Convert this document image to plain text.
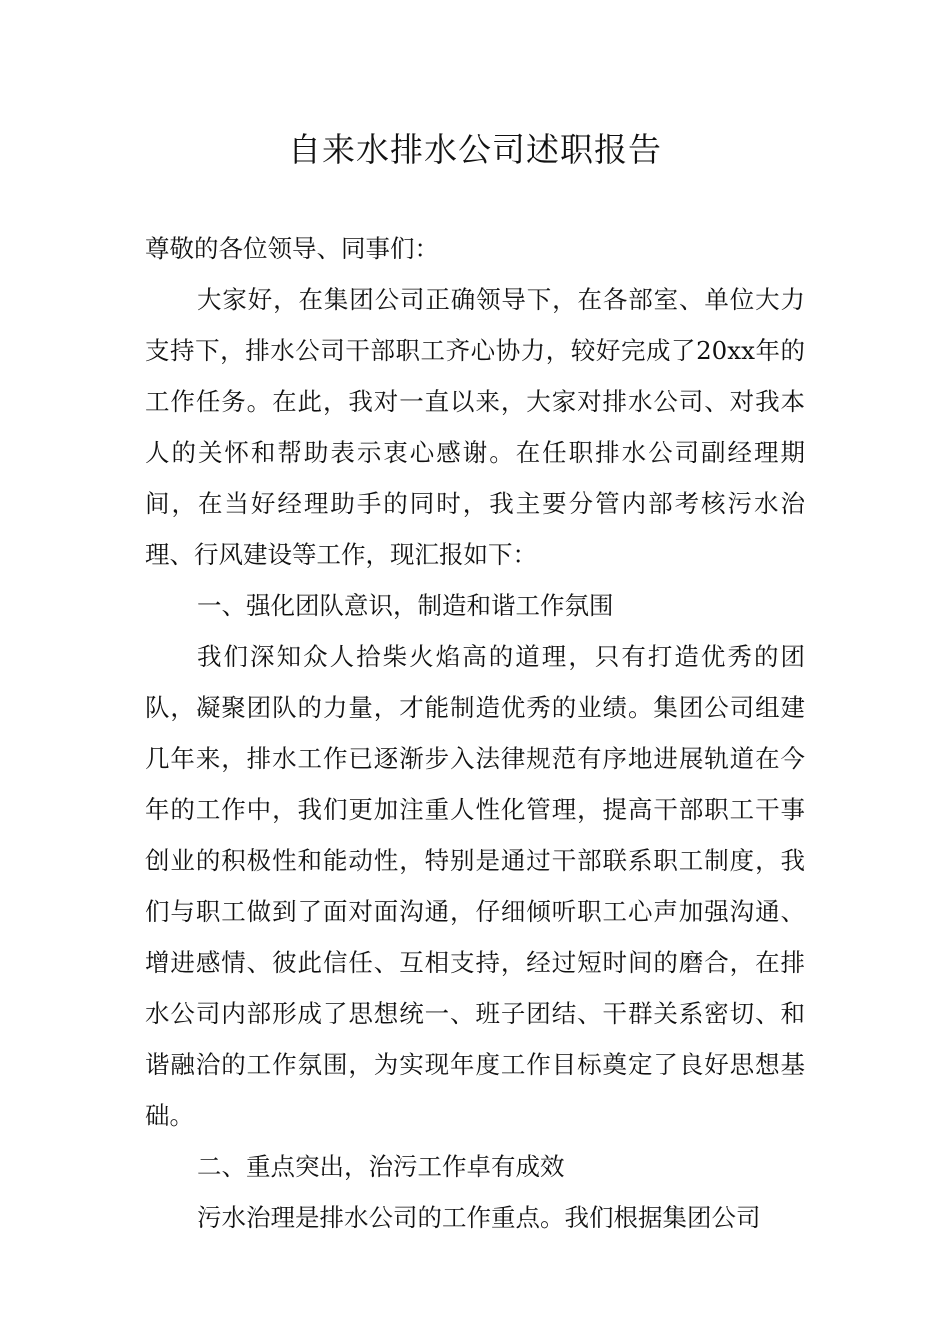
自来水排水公司述职报告

尊敬的各位领导、同事们：

大家好，在集团公司正确领导下，在各部室、单位大力支持下，排水公司干部职工齐心协力，较好完成了20xx年的工作任务。在此，我对一直以来，大家对排水公司、对我本人的关怀和帮助表示衷心感谢。在任职排水公司副经理期间，在当好经理助手的同时，我主要分管内部考核污水治理、行风建设等工作，现汇报如下：

一、强化团队意识，制造和谐工作氛围

我们深知众人拾柴火焰高的道理，只有打造优秀的团队，凝聚团队的力量，才能制造优秀的业绩。集团公司组建几年来，排水工作已逐渐步入法律规范有序地进展轨道在今年的工作中，我们更加注重人性化管理，提高干部职工干事创业的积极性和能动性，特别是通过干部联系职工制度，我们与职工做到了面对面沟通，仔细倾听职工心声加强沟通、增进感情、彼此信任、互相支持，经过短时间的磨合，在排水公司内部形成了思想统一、班子团结、干群关系密切、和谐融洽的工作氛围，为实现年度工作目标奠定了良好思想基础。

二、重点突出，治污工作卓有成效

污水治理是排水公司的工作重点。我们根据集团公司
